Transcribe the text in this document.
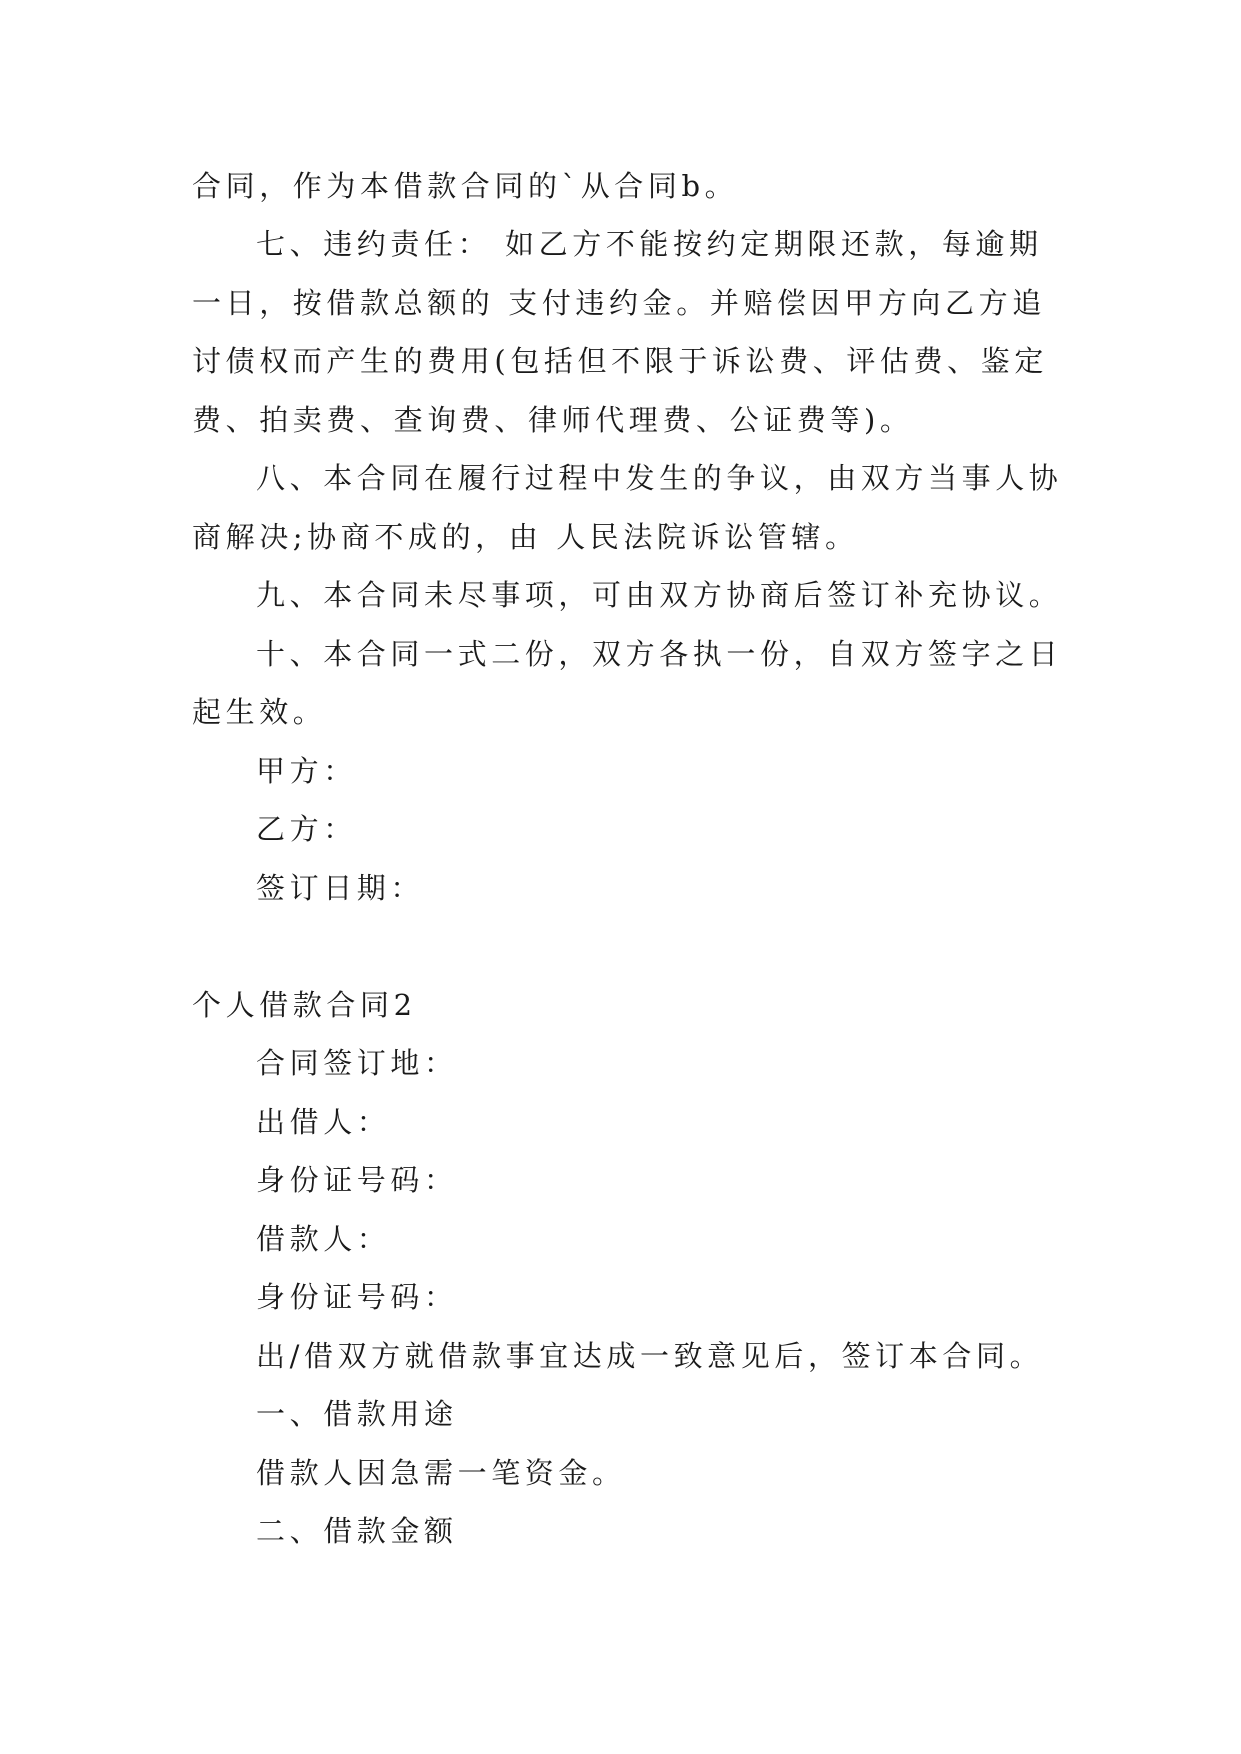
合同，作为本借款合同的`从合同b。
七、违约责任： 如乙方不能按约定期限还款，每逾期
一日，按借款总额的 支付违约金。并赔偿因甲方向乙方追
讨债权而产生的费用(包括但不限于诉讼费、评估费、鉴定
费、拍卖费、查询费、律师代理费、公证费等)。
八、本合同在履行过程中发生的争议，由双方当事人协
商解决;协商不成的，由 人民法院诉讼管辖。
九、本合同未尽事项，可由双方协商后签订补充协议。
十、本合同一式二份，双方各执一份，自双方签字之日
起生效。
甲方：
乙方：
签订日期：
个人借款合同2
合同签订地：
出借人：
身份证号码：
借款人：
身份证号码：
出/借双方就借款事宜达成一致意见后，签订本合同。
一、借款用途
借款人因急需一笔资金。
二、借款金额
